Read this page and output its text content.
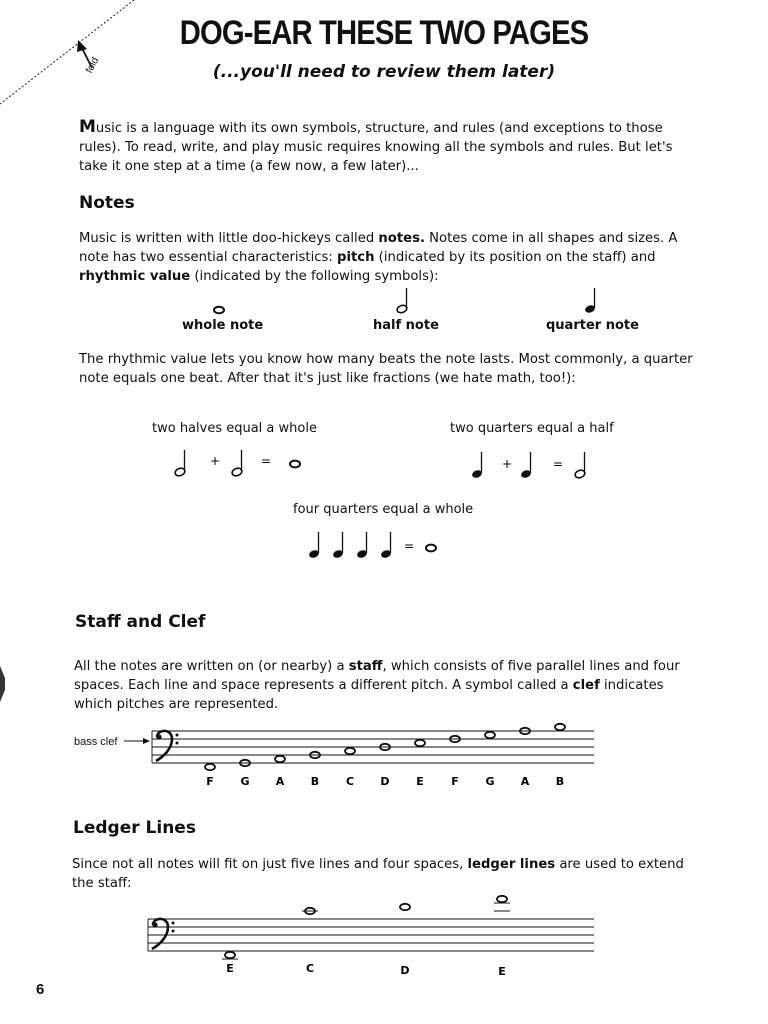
fold
DOG-EAR THESE TWO PAGES
(...you'll need to review them later)
Music is a language with its own symbols, structure, and rules (and exceptions to those
rules). To read, write, and play music requires knowing all the symbols and rules. But let's
take it one step at a time (a few now, a few later)...
Notes
Music is written with little doo-hickeys called notes. Notes come in all shapes and sizes. A
note has two essential characteristics: pitch (indicated by its position on the staff) and
rhythmic value (indicated by the following symbols):
whole note	half note	quarter note
The rhythmic value lets you know how many beats the note lasts. Most commonly, a quarter
note equals one beat. After that it's just like fractions (we hate math, too!):
two halves equal a whole	two quarters equal a half
four quarters equal a whole
+	=	+	=
=
Staff and Clef
All the notes are written on (or nearby) a staff, which consists of five parallel lines and four
spaces. Each line and space represents a different pitch. A symbol called a clef indicates
which pitches are represented.
bass clef
F G A B C D E F G A B
Ledger Lines
Since not all notes will fit on just five lines and four spaces, ledger lines are used to extend
the staff:
E	C	D	E
6
